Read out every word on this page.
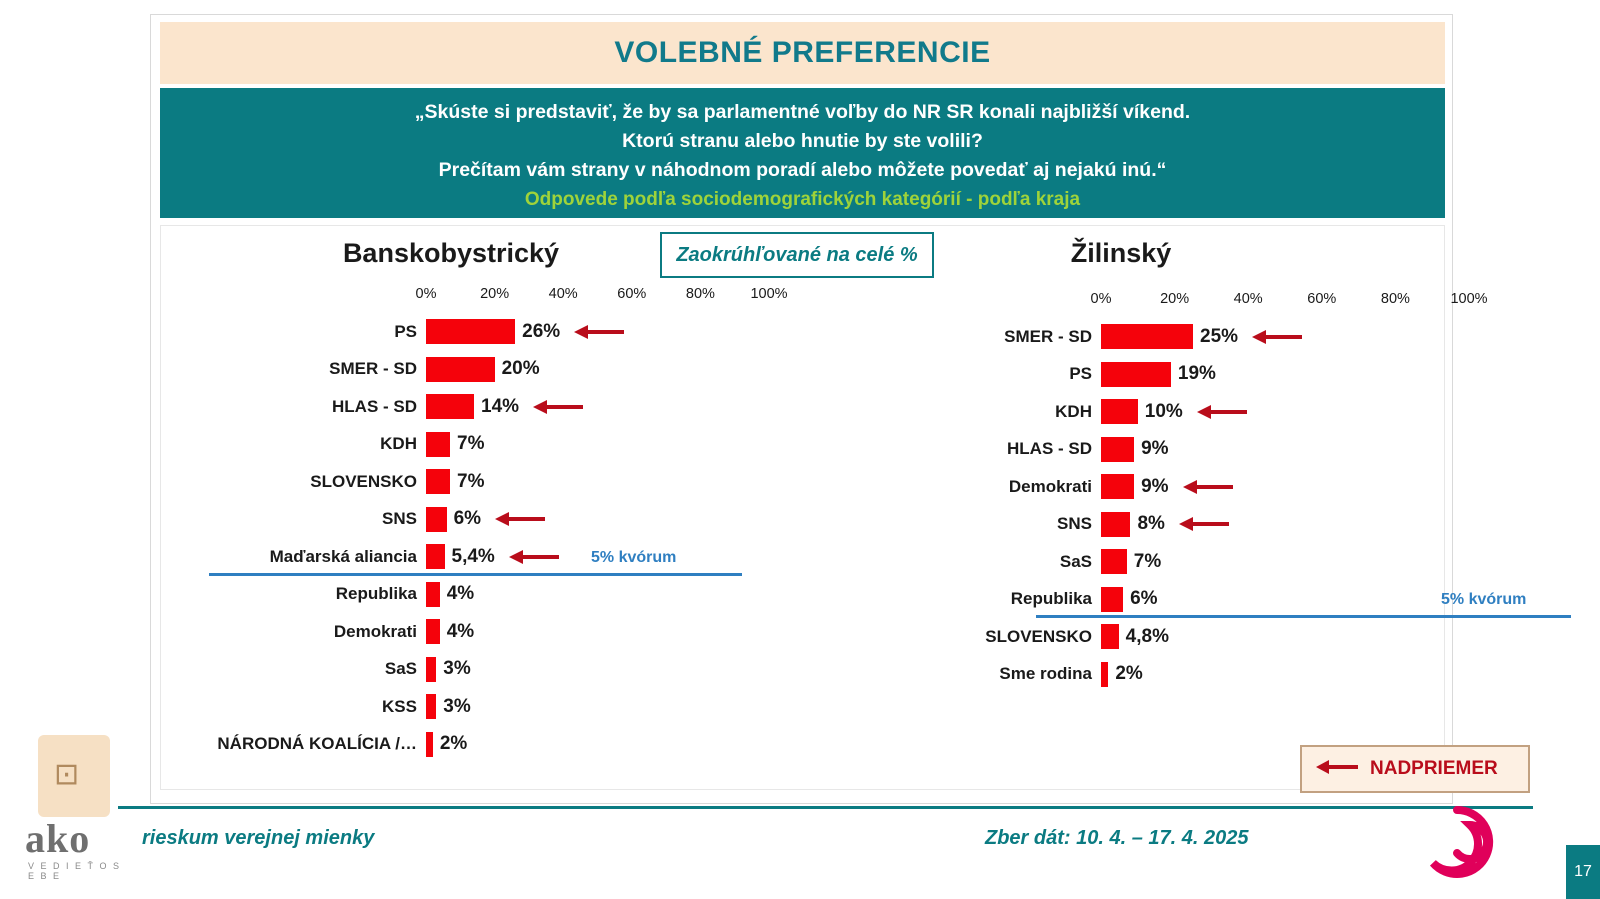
VOLEBNÉ PREFERENCIE
„Skúste si predstaviť, že by sa parlamentné voľby do NR SR konali najbližší víkend.
Ktorú stranu alebo hnutie by ste volili?
Prečítam vám strany v náhodnom poradí alebo môžete povedať aj nejakú inú.“
Odpovede podľa sociodemografických kategórií - podľa kraja
Banskobystrický
0%	20%	40%	60%	80% 100%
PS	26%
SMER - SD	20%
HLAS - SD	14%
KDH	7%
SLOVENSKO	7%
SNS	6%
Maďarská aliancia	5,4%
Republika	4%
Demokrati	4%
SaS	3%
KSS	3%
NÁRODNÁ KOALÍCIA /…	2%
5% kvórum
Žilinský
0%	20%	40%	60%	80%	100%
SMER - SD	25%
PS	19%
KDH	10%
HLAS - SD	9%
Demokrati	9%
SNS	8%
SaS	7%
Republika	6%
SLOVENSKO	4,8%
Sme rodina	2%
5% kvórum
Zaokrúhľované na celé %
NADPRIEMER
rieskum verejnej mienky	Zber dát: 10. 4. – 17. 4. 2025
17
⊡
ako
V E D I E Ť O S E B E
